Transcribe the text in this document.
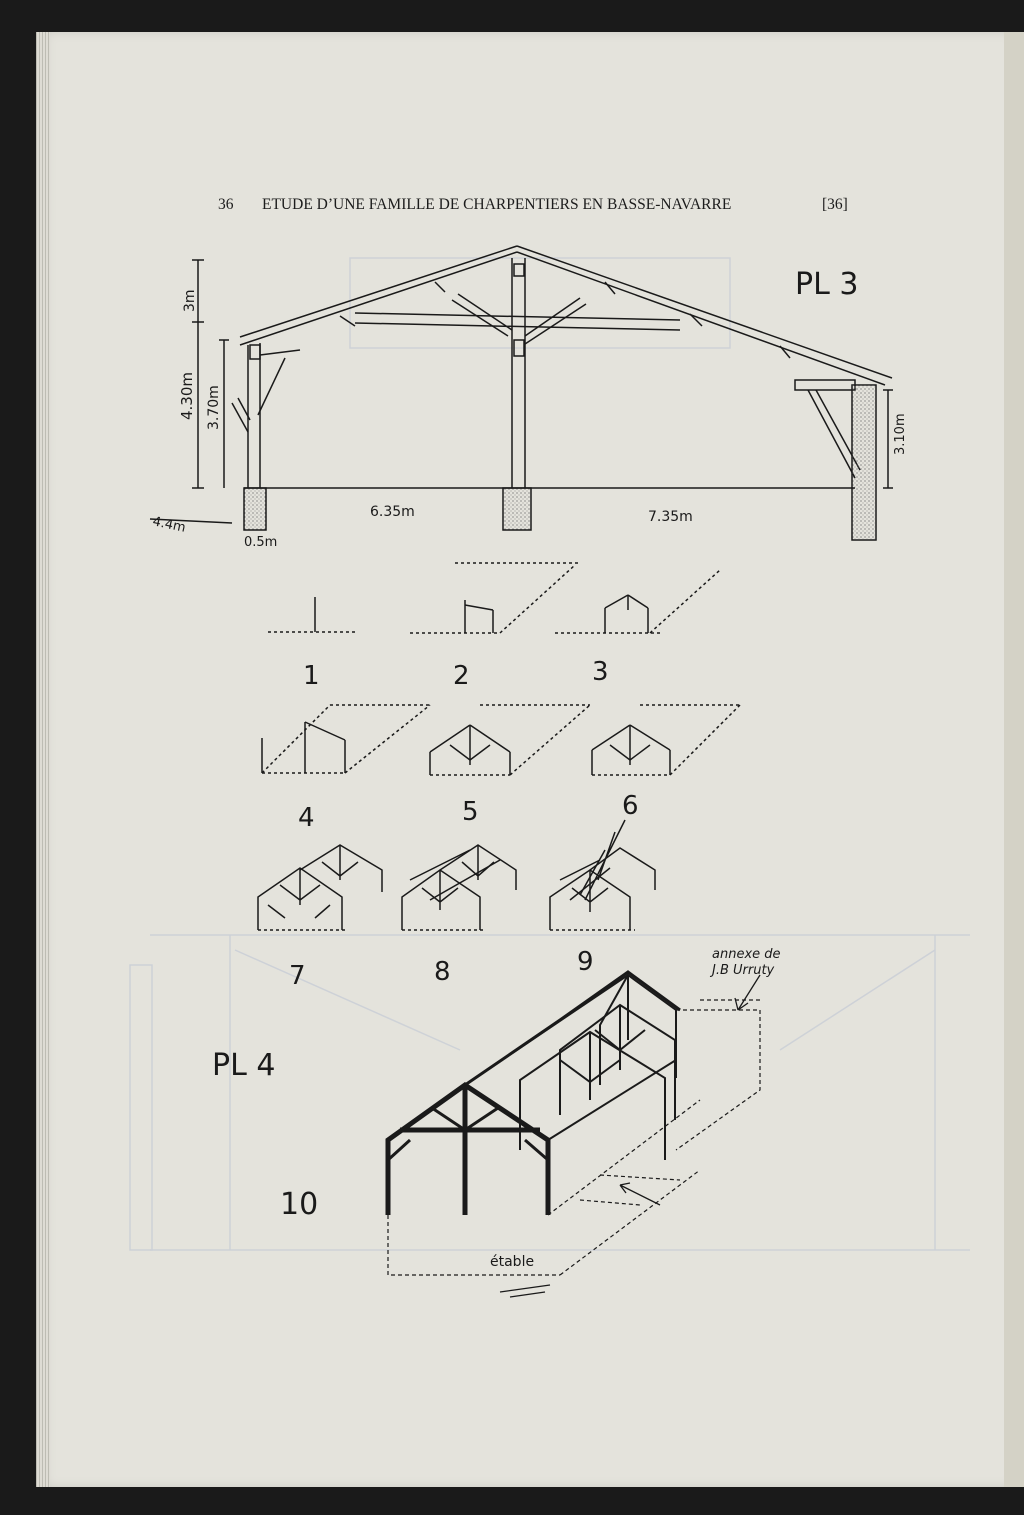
36 ETUDE D’UNE FAMILLE DE CHARPENTIERS EN BASSE-NAVARRE	[36]
PL 3
4.30m 3.70m
3m
3.10m
6.35m	7.35m
4.4m
0.5m
1	2	3
4	5	6
7	8	9
PL 4
10
annexe de
J.B Urruty
étable
